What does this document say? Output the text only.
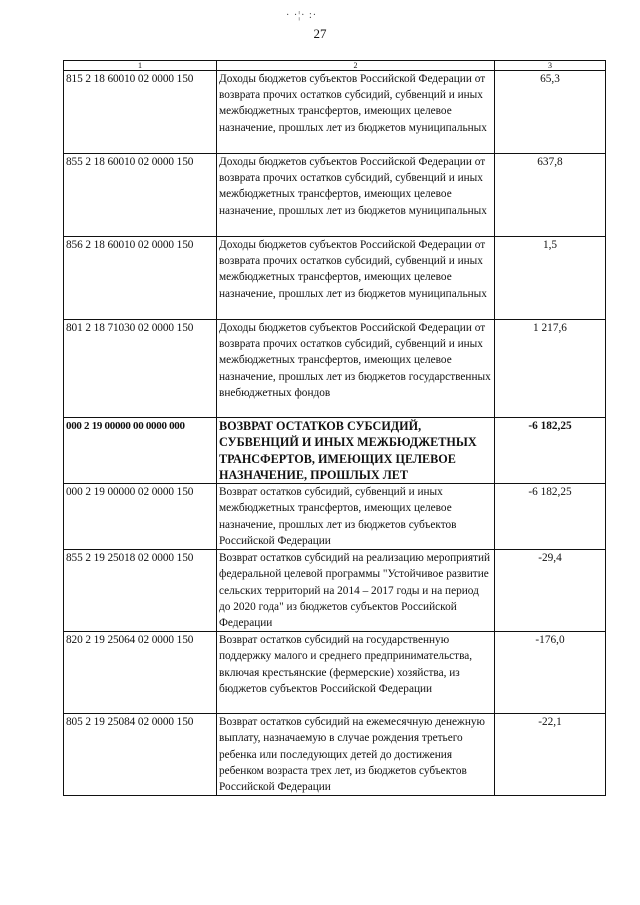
· ·¦· :·
27
1	2	3
815 2 18 60010 02 0000 150	Доходы бюджетов субъектов Российской Федерации от возврата прочих остатков субсидий, субвенций и иных межбюджетных трансфертов, имеющих целевое назначение, прошлых лет из бюджетов муниципальных	65,3
855 2 18 60010 02 0000 150	Доходы бюджетов субъектов Российской Федерации от возврата прочих остатков субсидий, субвенций и иных межбюджетных трансфертов, имеющих целевое назначение, прошлых лет из бюджетов муниципальных	637,8
856 2 18 60010 02 0000 150	Доходы бюджетов субъектов Российской Федерации от возврата прочих остатков субсидий, субвенций и иных межбюджетных трансфертов, имеющих целевое назначение, прошлых лет из бюджетов муниципальных	1,5
801 2 18 71030 02 0000 150	Доходы бюджетов субъектов Российской Федерации от возврата прочих остатков субсидий, субвенций и иных межбюджетных трансфертов, имеющих целевое назначение, прошлых лет из бюджетов государственных внебюджетных фондов	1 217,6
000 2 19 00000 00 0000 000	ВОЗВРАТ ОСТАТКОВ СУБСИДИЙ, СУБВЕНЦИЙ И ИНЫХ МЕЖБЮДЖЕТНЫХ ТРАНСФЕРТОВ, ИМЕЮЩИХ ЦЕЛЕВОЕ НАЗНАЧЕНИЕ, ПРОШЛЫХ ЛЕТ	-6 182,25
000 2 19 00000 02 0000 150	Возврат остатков субсидий, субвенций и иных межбюджетных трансфертов, имеющих целевое назначение, прошлых лет из бюджетов субъектов Российской Федерации	-6 182,25
855 2 19 25018 02 0000 150	Возврат остатков субсидий на реализацию мероприятий федеральной целевой программы "Устойчивое развитие сельских территорий на 2014 – 2017 годы и на период до 2020 года" из бюджетов субъектов Российской Федерации	-29,4
820 2 19 25064 02 0000 150	Возврат остатков субсидий на государственную поддержку малого и среднего предпринимательства, включая крестьянские (фермерские) хозяйства, из бюджетов субъектов Российской Федерации	-176,0
805 2 19 25084 02 0000 150	Возврат остатков субсидий на ежемесячную денежную выплату, назначаемую в случае рождения третьего ребенка или последующих детей до достижения ребенком возраста трех лет, из бюджетов субъектов Российской Федерации	-22,1
